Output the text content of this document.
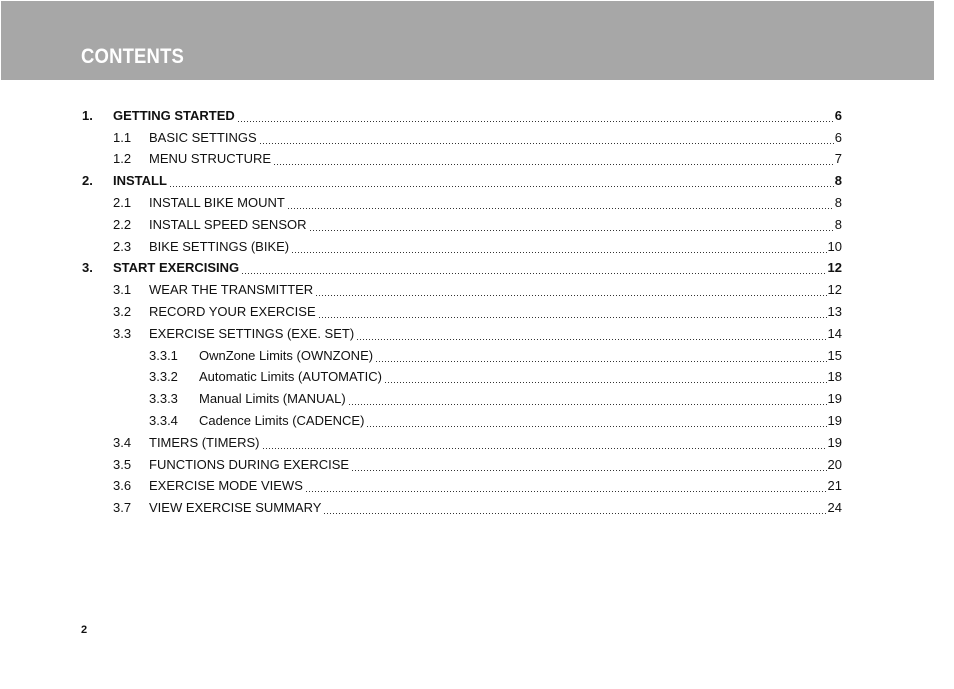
CONTENTS
1.	GETTING STARTED	6
1.1	BASIC SETTINGS	6
1.2	MENU STRUCTURE	7
2.	INSTALL	8
2.1	INSTALL BIKE MOUNT	8
2.2	INSTALL SPEED SENSOR	8
2.3	BIKE SETTINGS (BIKE)	10
3.	START EXERCISING	12
3.1	WEAR THE TRANSMITTER	12
3.2	RECORD YOUR EXERCISE	13
3.3	EXERCISE SETTINGS (EXE. SET)	14
3.3.1	OwnZone Limits (OWNZONE)	15
3.3.2	Automatic Limits (AUTOMATIC)	18
3.3.3	Manual Limits (MANUAL)	19
3.3.4	Cadence Limits (CADENCE)	19
3.4	TIMERS (TIMERS)	19
3.5	FUNCTIONS DURING EXERCISE	20
3.6	EXERCISE MODE VIEWS	21
3.7	VIEW EXERCISE SUMMARY	24
2
